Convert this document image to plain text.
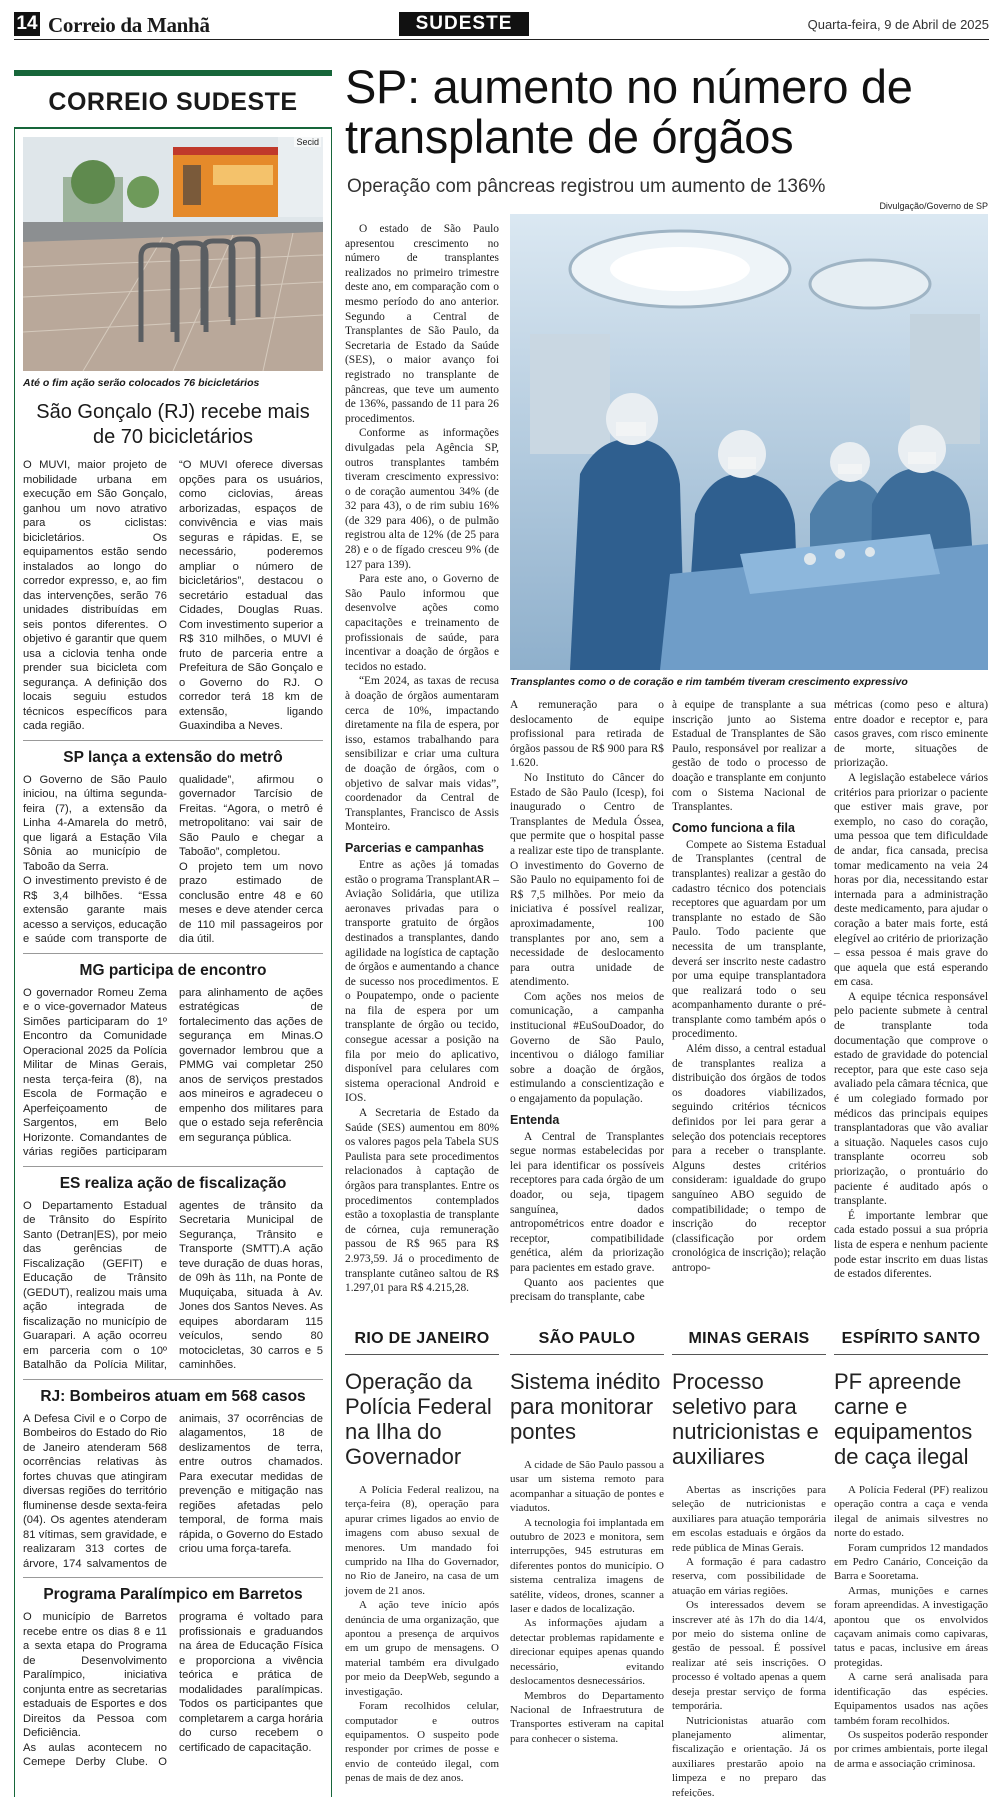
14 Correio da Manhã	SUDESTE	Quarta-feira, 9 de Abril de 2025
CORREIO SUDESTE
Secid
Até o fim ação serão colocados 76 bicicletários
São Gonçalo (RJ) recebe mais de 70 bicicletários

O MUVI, maior projeto de mobilidade urbana em execução em São Gonçalo, ganhou um novo atrativo para os ciclistas: bicicletários. Os equipamentos estão sendo instalados ao longo do corredor expresso, e, ao fim das intervenções, serão 76 unidades distribuídas em seis pontos diferentes. O objetivo é garantir que quem usa a ciclovia tenha onde prender sua bicicleta com segurança. A definição dos locais seguiu estudos técnicos específicos para cada região.

“O MUVI oferece diversas opções para os usuários, como ciclovias, áreas arborizadas, espaços de convivência e vias mais seguras e rápidas. E, se necessário, poderemos ampliar o número de bicicletários”, destacou o secretário estadual das Cidades, Douglas Ruas. Com investimento superior a R$ 310 milhões, o MUVI é fruto de parceria entre a Prefeitura de São Gonçalo e o Governo do RJ. O corredor terá 18 km de extensão, ligando Guaxindiba a Neves.

SP lança a extensão do metrô

O Governo de São Paulo iniciou, na última segunda-feira (7), a extensão da Linha 4-Amarela do metrô, que ligará a Estação Vila Sônia ao município de Taboão da Serra.

O investimento previsto é de R$ 3,4 bilhões. “Essa extensão garante mais acesso a serviços, educação e saúde com transporte de qualidade”, afirmou o governador Tarcísio de Freitas. “Agora, o metrô é metropolitano: vai sair de São Paulo e chegar a Taboão”, completou.

O projeto tem um novo prazo estimado de conclusão entre 48 e 60 meses e deve atender cerca de 110 mil passageiros por dia útil.

MG participa de encontro

O governador Romeu Zema e o vice-governador Mateus Simões participaram do 1º Encontro da Comunidade Operacional 2025 da Polícia Militar de Minas Gerais, nesta terça-feira (8), na Escola de Formação e Aperfeiçoamento de Sargentos, em Belo Horizonte. Comandantes de várias regiões participaram para alinhamento de ações estratégicas de fortalecimento das ações de segurança em Minas.O governador lembrou que a PMMG vai completar 250 anos de serviços prestados aos mineiros e agradeceu o empenho dos militares para que o estado seja referência em segurança pública.

ES realiza ação de fiscalização

O Departamento Estadual de Trânsito do Espírito Santo (Detran|ES), por meio das gerências de Fiscalização (GEFIT) e Educação de Trânsito (GEDUT), realizou mais uma ação integrada de fiscalização no município de Guarapari. A ação ocorreu em parceria com o 10º Batalhão da Polícia Militar, agentes de trânsito da Secretaria Municipal de Segurança, Trânsito e Transporte (SMTT).A ação teve duração de duas horas, de 09h às 11h, na Ponte de Muquiçaba, situada à Av. Jones dos Santos Neves. As equipes abordaram 115 veículos, sendo 80 motocicletas, 30 carros e 5 caminhões.

RJ: Bombeiros atuam em 568 casos

A Defesa Civil e o Corpo de Bombeiros do Estado do Rio de Janeiro atenderam 568 ocorrências relativas às fortes chuvas que atingiram diversas regiões do território fluminense desde sexta-feira (04). Os agentes atenderam 81 vítimas, sem gravidade, e realizaram 313 cortes de árvore, 174 salvamentos de animais, 37 ocorrências de alagamentos, 18 de deslizamentos de terra, entre outros chamados. Para executar medidas de prevenção e mitigação nas regiões afetadas pelo temporal, de forma mais rápida, o Governo do Estado criou uma força-tarefa.

Programa Paralímpico em Barretos

O município de Barretos recebe entre os dias 8 e 11 a sexta etapa do Programa de Desenvolvimento Paralímpico, iniciativa conjunta entre as secretarias estaduais de Esportes e dos Direitos da Pessoa com Deficiência.

As aulas acontecem no Cemepe Derby Clube. O programa é voltado para profissionais e graduandos na área de Educação Física e proporciona a vivência teórica e prática de modalidades paralímpicas. Todos os participantes que completarem a carga horária do curso recebem o certificado de capacitação.

SP: aumento no número de transplante de órgãos
Operação com pâncreas registrou um aumento de 136%
Divulgação/Governo de SP
Transplantes como o de coração e rim também tiveram crescimento expressivo

O estado de São Paulo apresentou crescimento no número de transplantes realizados no primeiro trimestre deste ano, em comparação com o mesmo período do ano anterior. Segundo a Central de Transplantes de São Paulo, da Secretaria de Estado da Saúde (SES), o maior avanço foi registrado no transplante de pâncreas, que teve um aumento de 136%, passando de 11 para 26 procedimentos.

Conforme as informações divulgadas pela Agência SP, outros transplantes também tiveram crescimento expressivo: o de coração aumentou 34% (de 32 para 43), o de rim subiu 16% (de 329 para 406), o de pulmão registrou alta de 12% (de 25 para 28) e o de fígado cresceu 9% (de 127 para 139).

Para este ano, o Governo de São Paulo informou que desenvolve ações como capacitações e treinamento de profissionais de saúde, para incentivar a doação de órgãos e tecidos no estado.

“Em 2024, as taxas de recusa à doação de órgãos aumentaram cerca de 10%, impactando diretamente na fila de espera, por isso, estamos trabalhando para sensibilizar e criar uma cultura de doação de órgãos, com o objetivo de salvar mais vidas”, coordenador da Central de Transplantes, Francisco de Assis Monteiro.

Parcerias e campanhas

Entre as ações já tomadas estão o programa TransplantAR – Aviação Solidária, que utiliza aeronaves privadas para o transporte gratuito de órgãos destinados a transplantes, dando agilidade na logística de captação de órgãos e aumentando a chance de sucesso nos procedimentos. E o Poupatempo, onde o paciente na fila de espera por um transplante de órgão ou tecido, consegue acessar a posição na fila por meio do aplicativo, disponível para celulares com sistema operacional Android e IOS.

A Secretaria de Estado da Saúde (SES) aumentou em 80% os valores pagos pela Tabela SUS Paulista para sete procedimentos relacionados à captação de órgãos para transplantes. Entre os procedimentos contemplados estão a toxoplastia de transplante de córnea, cuja remuneração passou de R$ 965 para R$ 2.973,59. Já o procedimento de transplante cutâneo saltou de R$ 1.297,01 para R$ 4.215,28.

A remuneração para o deslocamento de equipe profissional para retirada de órgãos passou de R$ 900 para R$ 1.620.

No Instituto do Câncer do Estado de São Paulo (Icesp), foi inaugurado o Centro de Transplantes de Medula Óssea, que permite que o hospital passe a realizar este tipo de transplante. O investimento do Governo de São Paulo no equipamento foi de R$ 7,5 milhões. Por meio da iniciativa é possível realizar, aproximadamente, 100 transplantes por ano, sem a necessidade de deslocamento para outra unidade de atendimento.

Com ações nos meios de comunicação, a campanha institucional #EuSouDoador, do Governo de São Paulo, incentivou o diálogo familiar sobre a doação de órgãos, estimulando a conscientização e o engajamento da população.

Entenda

A Central de Transplantes segue normas estabelecidas por lei para identificar os possíveis receptores para cada órgão de um doador, ou seja, tipagem sanguínea, dados antropométricos entre doador e receptor, compatibilidade genética, além da priorização para pacientes em estado grave.

Quanto aos pacientes que precisam do transplante, cabe

à equipe de transplante a sua inscrição junto ao Sistema Estadual de Transplantes de São Paulo, responsável por realizar a gestão de todo o processo de doação e transplante em conjunto com o Sistema Nacional de Transplantes.

Como funciona a fila

Compete ao Sistema Estadual de Transplantes (central de transplantes) realizar a gestão do cadastro técnico dos potenciais receptores que aguardam por um transplante no estado de São Paulo. Todo paciente que necessita de um transplante, deverá ser inscrito neste cadastro por uma equipe transplantadora que realizará todo o seu acompanhamento durante o pré-transplante como também após o procedimento.

Além disso, a central estadual de transplantes realiza a distribuição dos órgãos de todos os doadores viabilizados, seguindo critérios técnicos definidos por lei para gerar a seleção dos potenciais receptores para a receber o transplante. Alguns destes critérios consideram: igualdade do grupo sanguíneo ABO seguido de compatibilidade; o tempo de inscrição do receptor (classificação por ordem cronológica de inscrição); relação antropo-

métricas (como peso e altura) entre doador e receptor e, para casos graves, com risco eminente de morte, situações de priorização.

A legislação estabelece vários critérios para priorizar o paciente que estiver mais grave, por exemplo, no caso do coração, uma pessoa que tem dificuldade de andar, fica cansada, precisa tomar medicamento na veia 24 horas por dia, necessitando estar internada para a administração deste medicamento, para ajudar o coração a bater mais forte, está elegível ao critério de priorização – essa pessoa é mais grave do que aquela que está esperando em casa.

A equipe técnica responsável pelo paciente submete à central de transplante toda documentação que comprove o estado de gravidade do potencial receptor, para que este caso seja avaliado pela câmara técnica, que é um colegiado formado por médicos das principais equipes transplantadoras que vão avaliar a situação. Naqueles casos cujo transplante ocorreu sob priorização, o prontuário do paciente é auditado após o transplante.

É importante lembrar que cada estado possui a sua própria lista de espera e nenhum paciente pode estar inscrito em duas listas de estados diferentes.

RIO DE JANEIRO
Operação da Polícia Federal na Ilha do Governador

A Polícia Federal realizou, na terça-feira (8), operação para apurar crimes ligados ao envio de imagens com abuso sexual de menores. Um mandado foi cumprido na Ilha do Governador, no Rio de Janeiro, na casa de um jovem de 21 anos.

A ação teve início após denúncia de uma organização, que apontou a presença de arquivos em um grupo de mensagens. O material também era divulgado por meio da DeepWeb, segundo a investigação.

Foram recolhidos celular, computador e outros equipamentos. O suspeito pode responder por crimes de posse e envio de conteúdo ilegal, com penas de mais de dez anos.

SÃO PAULO
Sistema inédito para monitorar pontes

A cidade de São Paulo passou a usar um sistema remoto para acompanhar a situação de pontes e viadutos.

A tecnologia foi implantada em outubro de 2023 e monitora, sem interrupções, 945 estruturas em diferentes pontos do município. O sistema centraliza imagens de satélite, vídeos, drones, scanner a laser e dados de localização.

As informações ajudam a detectar problemas rapidamente e direcionar equipes apenas quando necessário, evitando deslocamentos desnecessários.

Membros do Departamento Nacional de Infraestrutura de Transportes estiveram na capital para conhecer o sistema.

MINAS GERAIS
Processo seletivo para nutricionistas e auxiliares

Abertas as inscrições para seleção de nutricionistas e auxiliares para atuação temporária em escolas estaduais e órgãos da rede pública de Minas Gerais.

A formação é para cadastro reserva, com possibilidade de atuação em várias regiões.

Os interessados devem se inscrever até às 17h do dia 14/4, por meio do sistema online de gestão de pessoal. É possível realizar até seis inscrições. O processo é voltado apenas a quem deseja prestar serviço de forma temporária.

Nutricionistas atuarão com planejamento alimentar, fiscalização e orientação. Já os auxiliares prestarão apoio na limpeza e no preparo das refeições.

ESPÍRITO SANTO
PF apreende carne e equipamentos de caça ilegal

A Polícia Federal (PF) realizou operação contra a caça e venda ilegal de animais silvestres no norte do estado.

Foram cumpridos 12 mandados em Pedro Canário, Conceição da Barra e Sooretama.

Armas, munições e carnes foram apreendidas. A investigação apontou que os envolvidos caçavam animais como capivaras, tatus e pacas, inclusive em áreas protegidas.

A carne será analisada para identificação das espécies. Equipamentos usados nas ações também foram recolhidos.

Os suspeitos poderão responder por crimes ambientais, porte ilegal de arma e associação criminosa.
